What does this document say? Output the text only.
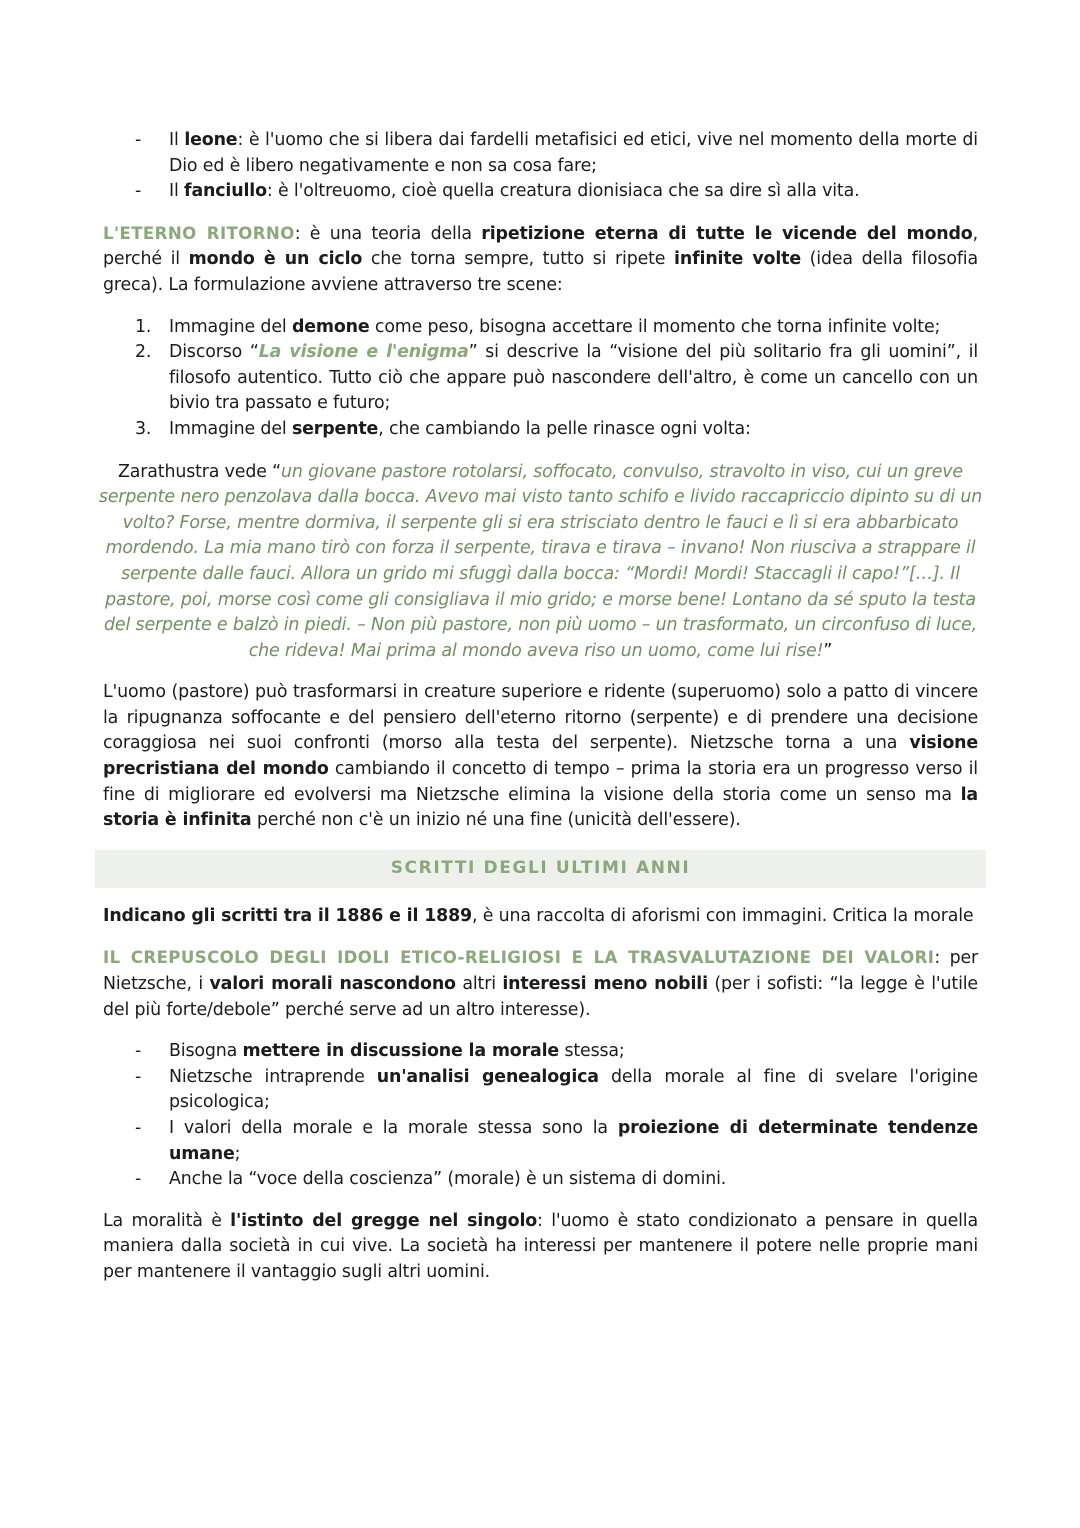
- Il leone: è l'uomo che si libera dai fardelli metafisici ed etici, vive nel momento della morte di Dio ed è libero negativamente e non sa cosa fare;
- Il fanciullo: è l'oltreuomo, cioè quella creatura dionisiaca che sa dire sì alla vita.

L'ETERNO RITORNO: è una teoria della ripetizione eterna di tutte le vicende del mondo, perché il mondo è un ciclo che torna sempre, tutto si ripete infinite volte (idea della filosofia greca). La formulazione avviene attraverso tre scene:

1. Immagine del demone come peso, bisogna accettare il momento che torna infinite volte;
2. Discorso “La visione e l'enigma” si descrive la “visione del più solitario fra gli uomini”, il filosofo autentico. Tutto ciò che appare può nascondere dell'altro, è come un cancello con un bivio tra passato e futuro;
3. Immagine del serpente, che cambiando la pelle rinasce ogni volta:

Zarathustra vede “un giovane pastore rotolarsi, soffocato, convulso, stravolto in viso, cui un greve serpente nero penzolava dalla bocca. Avevo mai visto tanto schifo e livido raccapriccio dipinto su di un volto? Forse, mentre dormiva, il serpente gli si era strisciato dentro le fauci e lì si era abbarbicato mordendo. La mia mano tirò con forza il serpente, tirava e tirava – invano! Non riusciva a strappare il serpente dalle fauci. Allora un grido mi sfuggì dalla bocca: “Mordi! Mordi! Staccagli il capo!”[…]. Il pastore, poi, morse così come gli consigliava il mio grido; e morse bene! Lontano da sé sputo la testa del serpente e balzò in piedi. – Non più pastore, non più uomo – un trasformato, un circonfuso di luce, che rideva! Mai prima al mondo aveva riso un uomo, come lui rise!”

L'uomo (pastore) può trasformarsi in creature superiore e ridente (superuomo) solo a patto di vincere la ripugnanza soffocante e del pensiero dell'eterno ritorno (serpente) e di prendere una decisione coraggiosa nei suoi confronti (morso alla testa del serpente). Nietzsche torna a una visione precristiana del mondo cambiando il concetto di tempo – prima la storia era un progresso verso il fine di migliorare ed evolversi ma Nietzsche elimina la visione della storia come un senso ma la storia è infinita perché non c'è un inizio né una fine (unicità dell'essere).

SCRITTI DEGLI ULTIMI ANNI

Indicano gli scritti tra il 1886 e il 1889, è una raccolta di aforismi con immagini. Critica la morale

IL CREPUSCOLO DEGLI IDOLI ETICO-RELIGIOSI E LA TRASVALUTAZIONE DEI VALORI: per Nietzsche, i valori morali nascondono altri interessi meno nobili (per i sofisti: “la legge è l'utile del più forte/debole” perché serve ad un altro interesse).

- Bisogna mettere in discussione la morale stessa;
- Nietzsche intraprende un'analisi genealogica della morale al fine di svelare l'origine psicologica;
- I valori della morale e la morale stessa sono la proiezione di determinate tendenze umane;
- Anche la “voce della coscienza” (morale) è un sistema di domini.

La moralità è l'istinto del gregge nel singolo: l'uomo è stato condizionato a pensare in quella maniera dalla società in cui vive. La società ha interessi per mantenere il potere nelle proprie mani per mantenere il vantaggio sugli altri uomini.
